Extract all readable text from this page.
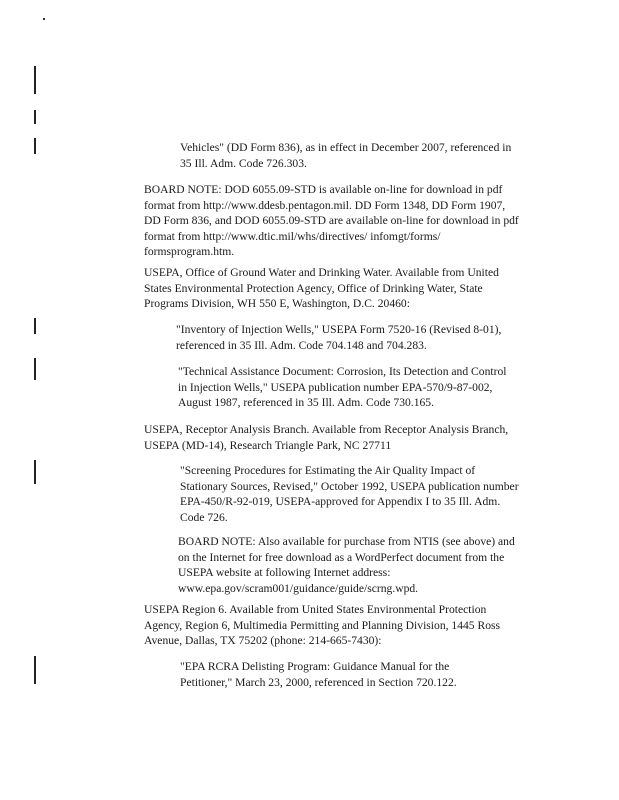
Vehicles" (DD Form 836), as in effect in December 2007, referenced in
35 Ill. Adm. Code 726.303.
BOARD NOTE: DOD 6055.09-STD is available on-line for download in pdf
format from http://www.ddesb.pentagon.mil. DD Form 1348, DD Form 1907,
DD Form 836, and DOD 6055.09-STD are available on-line for download in pdf
format from http://www.dtic.mil/whs/directives/ infomgt/forms/
formsprogram.htm.
USEPA, Office of Ground Water and Drinking Water. Available from United
States Environmental Protection Agency, Office of Drinking Water, State
Programs Division, WH 550 E, Washington, D.C. 20460:
"Inventory of Injection Wells," USEPA Form 7520-16 (Revised 8-01),
referenced in 35 Ill. Adm. Code 704.148 and 704.283.
"Technical Assistance Document: Corrosion, Its Detection and Control
in Injection Wells," USEPA publication number EPA-570/9-87-002,
August 1987, referenced in 35 Ill. Adm. Code 730.165.
USEPA, Receptor Analysis Branch. Available from Receptor Analysis Branch,
USEPA (MD-14), Research Triangle Park, NC 27711
"Screening Procedures for Estimating the Air Quality Impact of
Stationary Sources, Revised," October 1992, USEPA publication number
EPA-450/R-92-019, USEPA-approved for Appendix I to 35 Ill. Adm.
Code 726.
BOARD NOTE: Also available for purchase from NTIS (see above) and
on the Internet for free download as a WordPerfect document from the
USEPA website at following Internet address:
www.epa.gov/scram001/guidance/guide/scrng.wpd.
USEPA Region 6. Available from United States Environmental Protection
Agency, Region 6, Multimedia Permitting and Planning Division, 1445 Ross
Avenue, Dallas, TX 75202 (phone: 214-665-7430):
"EPA RCRA Delisting Program: Guidance Manual for the
Petitioner," March 23, 2000, referenced in Section 720.122.
